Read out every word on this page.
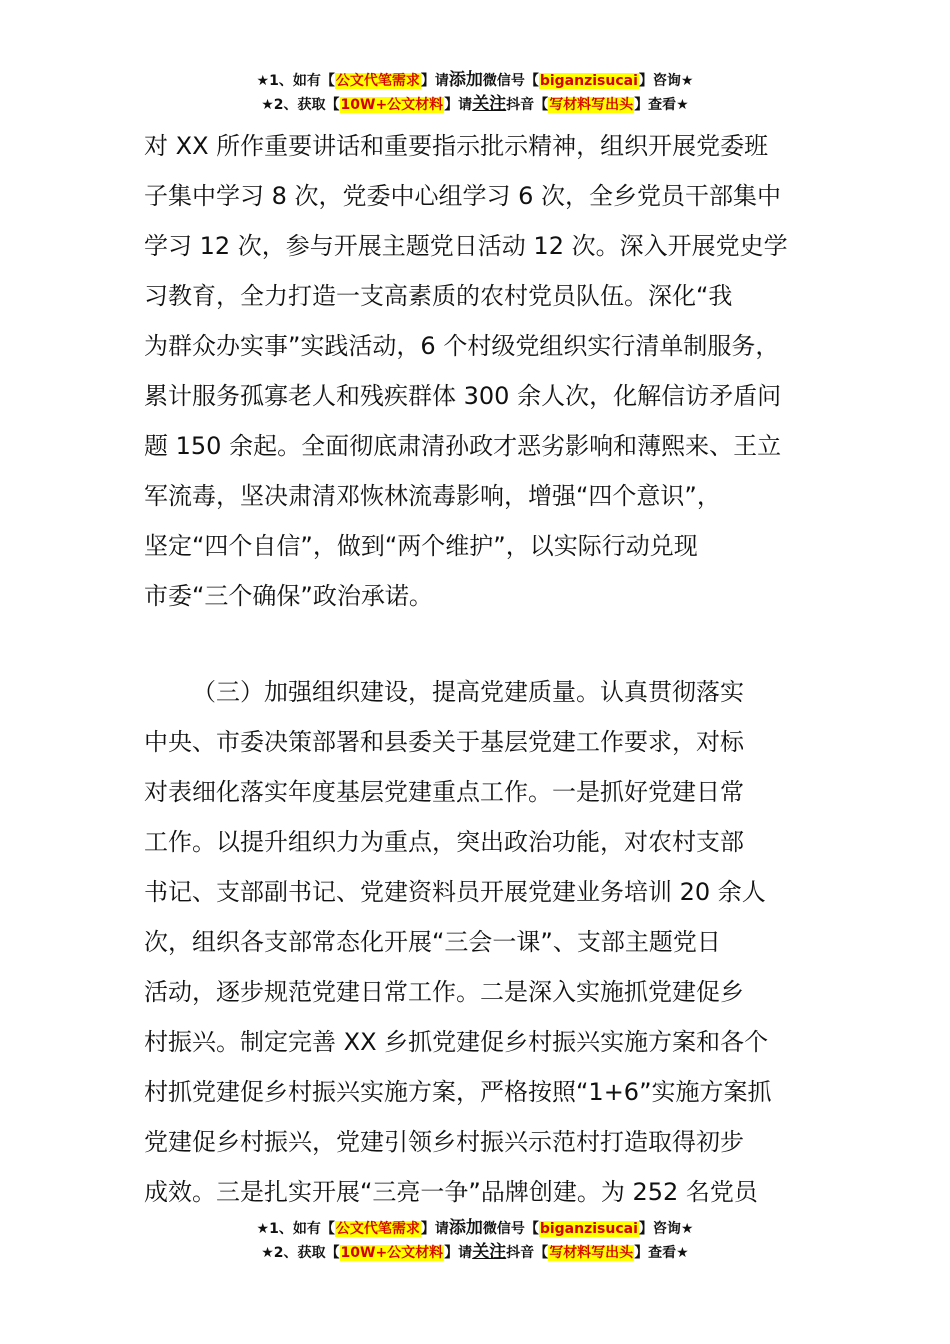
★1、如有【公文代笔需求】请添加微信号【biganzisucai】咨询★
★2、获取【10W+公文材料】请关注抖音【写材料写出头】查看★
对 XX 所作重要讲话和重要指示批示精神，组织开展党委班
子集中学习 8 次，党委中心组学习 6 次，全乡党员干部集中
学习 12 次，参与开展主题党日活动 12 次。深入开展党史学
习教育，全力打造一支高素质的农村党员队伍。深化“我
为群众办实事”实践活动，6 个村级党组织实行清单制服务，
累计服务孤寡老人和残疾群体 300 余人次，化解信访矛盾问
题 150 余起。全面彻底肃清孙政才恶劣影响和薄熙来、王立
军流毒，坚决肃清邓恢林流毒影响，增强“四个意识”，
坚定“四个自信”，做到“两个维护”，以实际行动兑现
市委“三个确保”政治承诺。
（三）加强组织建设，提高党建质量。认真贯彻落实
中央、市委决策部署和县委关于基层党建工作要求，对标
对表细化落实年度基层党建重点工作。一是抓好党建日常
工作。以提升组织力为重点，突出政治功能，对农村支部
书记、支部副书记、党建资料员开展党建业务培训 20 余人
次，组织各支部常态化开展“三会一课”、支部主题党日
活动，逐步规范党建日常工作。二是深入实施抓党建促乡
村振兴。制定完善 XX 乡抓党建促乡村振兴实施方案和各个
村抓党建促乡村振兴实施方案，严格按照“1+6”实施方案抓
党建促乡村振兴，党建引领乡村振兴示范村打造取得初步
成效。三是扎实开展“三亮一争”品牌创建。为 252 名党员
★1、如有【公文代笔需求】请添加微信号【biganzisucai】咨询★
★2、获取【10W+公文材料】请关注抖音【写材料写出头】查看★
